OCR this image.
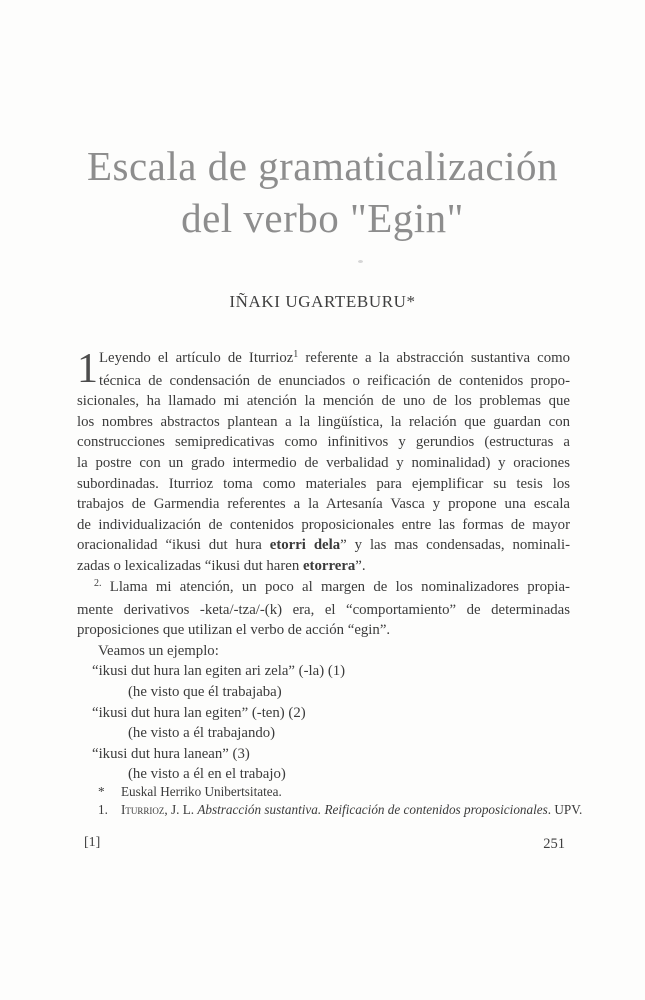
Escala de gramaticalización
del verbo "Egin"
IÑAKI UGARTEBURU*
1 Leyendo el artículo de Iturrioz$^1$ referente a la abstracción sustantiva como
técnica de condensación de enunciados o reificación de contenidos propo-
sicionales, ha llamado mi atención la mención de uno de los problemas que
los nombres abstractos plantean a la lingüística, la relación que guardan con
construcciones semipredicativas como infinitivos y gerundios (estructuras a
la postre con un grado intermedio de verbalidad y nominalidad) y oraciones
subordinadas. Iturrioz toma como materiales para ejemplificar su tesis los
trabajos de Garmendia referentes a la Artesanía Vasca y propone una escala
de individualización de contenidos proposicionales entre las formas de mayor
oracionalidad “ikusi dut hura etorri dela” y las mas condensadas, nominali-
zadas o lexicalizadas “ikusi dut haren etorrera”.
$^{2.}$ Llama mi atención, un poco al margen de los nominalizadores propia-
mente derivativos -keta/-tza/-(k) era, el “comportamiento” de determinadas
proposiciones que utilizan el verbo de acción “egin”.
Veamos un ejemplo:
“ikusi dut hura lan egiten ari zela” (-la) (1)
(he visto que él trabajaba)
“ikusi dut hura lan egiten” (-ten) (2)
(he visto a él trabajando)
“ikusi dut hura lanean” (3)
(he visto a él en el trabajo)
*	Euskal Herriko Unibertsitatea.
1. Iturrioz, J. L. Abstracción sustantiva. Reificación de contenidos proposicionales. UPV.
[1]	251
